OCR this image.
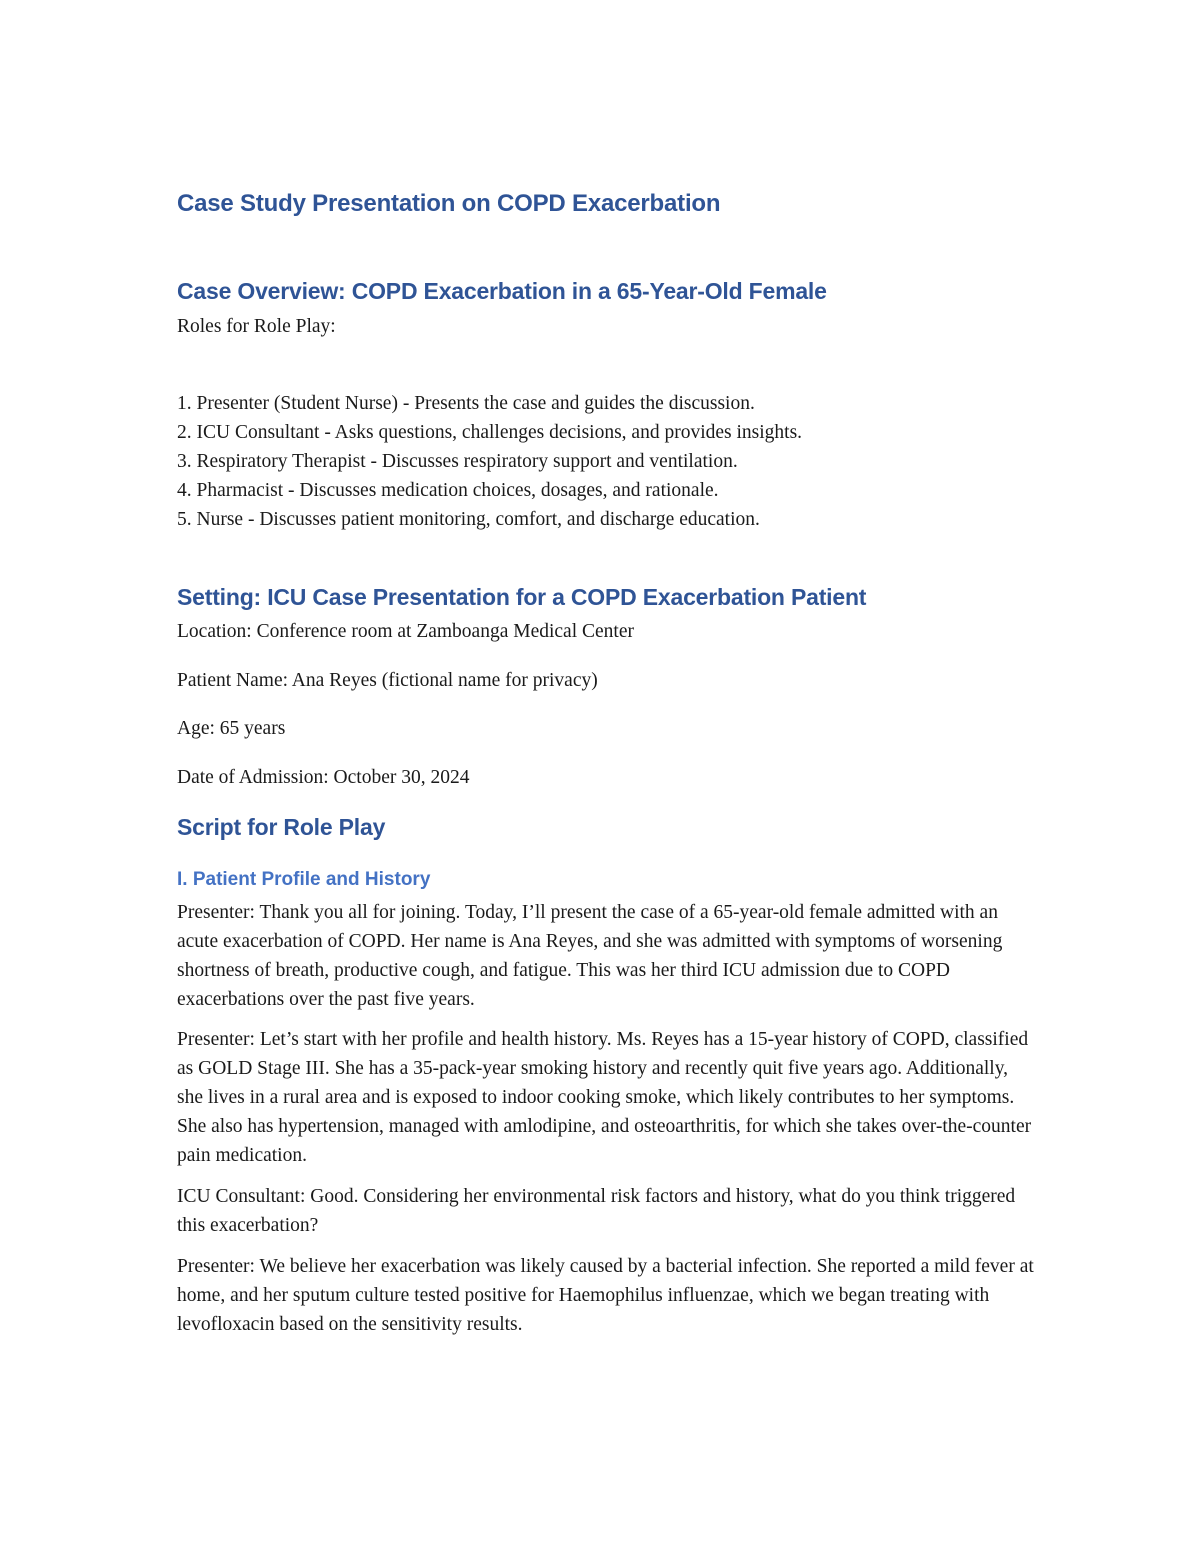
Case Study Presentation on COPD Exacerbation
Case Overview: COPD Exacerbation in a 65-Year-Old Female

Roles for Role Play:

1. Presenter (Student Nurse) - Presents the case and guides the discussion.
2. ICU Consultant - Asks questions, challenges decisions, and provides insights.
3. Respiratory Therapist - Discusses respiratory support and ventilation.
4. Pharmacist - Discusses medication choices, dosages, and rationale.
5. Nurse - Discusses patient monitoring, comfort, and discharge education.
Setting: ICU Case Presentation for a COPD Exacerbation Patient

Location: Conference room at Zamboanga Medical Center

Patient Name: Ana Reyes (fictional name for privacy)

Age: 65 years

Date of Admission: October 30, 2024

Script for Role Play
I. Patient Profile and History

Presenter: Thank you all for joining. Today, I’ll present the case of a 65-year-old female admitted with an acute exacerbation of COPD. Her name is Ana Reyes, and she was admitted with symptoms of worsening shortness of breath, productive cough, and fatigue. This was her third ICU admission due to COPD exacerbations over the past five years.

Presenter: Let’s start with her profile and health history. Ms. Reyes has a 15-year history of COPD, classified as GOLD Stage III. She has a 35-pack-year smoking history and recently quit five years ago. Additionally, she lives in a rural area and is exposed to indoor cooking smoke, which likely contributes to her symptoms. She also has hypertension, managed with amlodipine, and osteoarthritis, for which she takes over-the-counter pain medication.

ICU Consultant: Good. Considering her environmental risk factors and history, what do you think triggered this exacerbation?

Presenter: We believe her exacerbation was likely caused by a bacterial infection. She reported a mild fever at home, and her sputum culture tested positive for Haemophilus influenzae, which we began treating with levofloxacin based on the sensitivity results.
